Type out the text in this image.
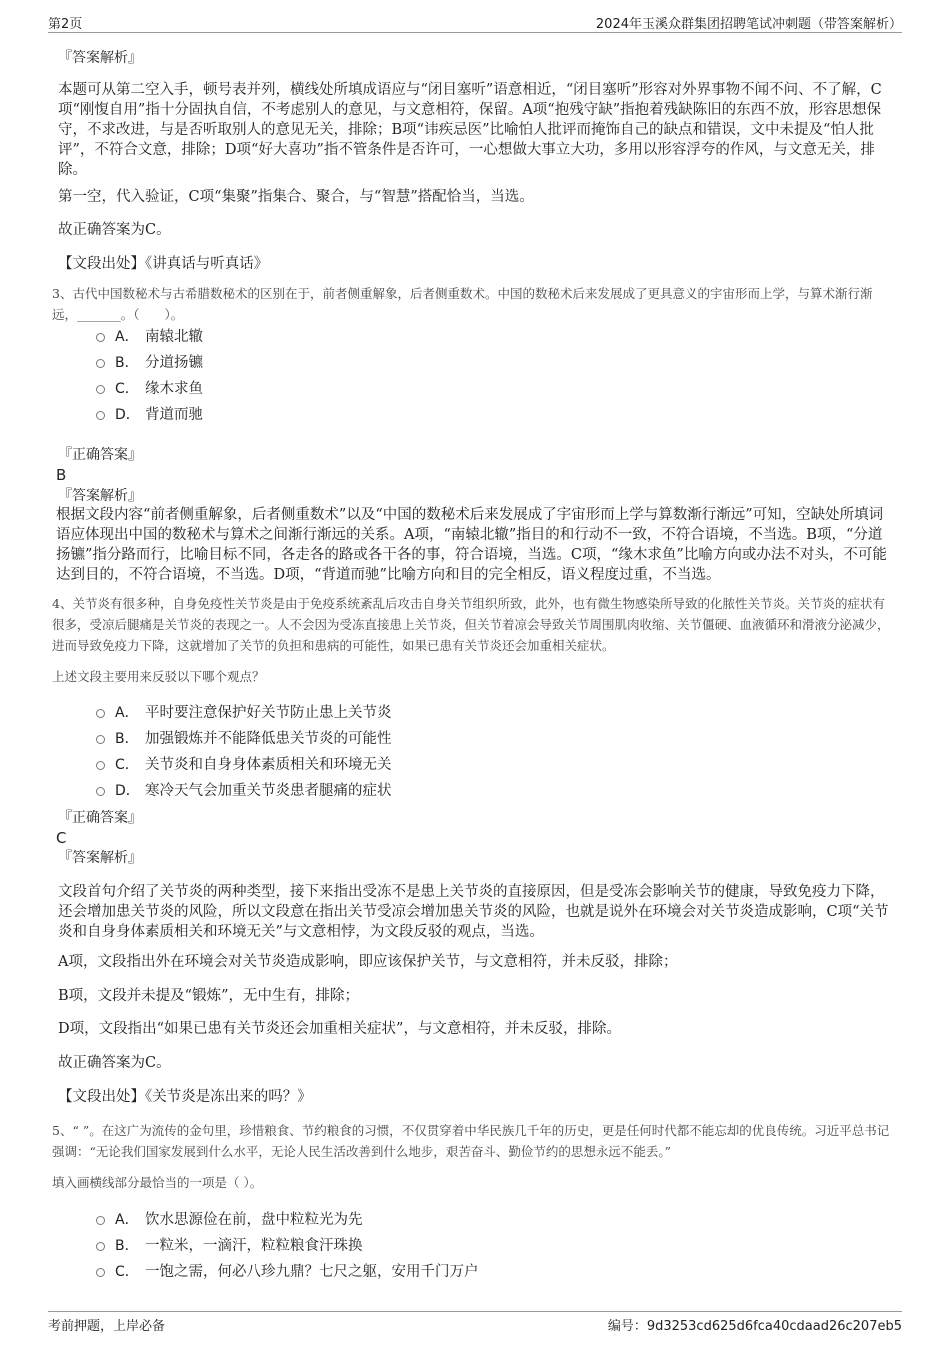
第2页	2024年玉溪众群集团招聘笔试冲刺题（带答案解析）
『答案解析』

本题可从第二空入手，顿号表并列，横线处所填成语应与“闭目塞听”语意相近，“闭目塞听”形容对外界事物不闻不问、不了解，C项“刚愎自用”指十分固执自信，不考虑别人的意见，与文意相符，保留。A项“抱残守缺”指抱着残缺陈旧的东西不放，形容思想保守，不求改进，与是否听取别人的意见无关，排除；B项“讳疾忌医”比喻怕人批评而掩饰自己的缺点和错误，文中未提及“怕人批评”，不符合文意，排除；D项“好大喜功”指不管条件是否许可，一心想做大事立大功，多用以形容浮夸的作风，与文意无关，排除。

第一空，代入验证，C项“集聚”指集合、聚合，与“智慧”搭配恰当，当选。

故正确答案为C。

【文段出处】《讲真话与听真话》

3、古代中国数秘术与古希腊数秘术的区别在于，前者侧重解象，后者侧重数术。中国的数秘术后来发展成了更具意义的宇宙形而上学，与算术渐行渐远，_______。（　　）。

A． 南辕北辙
B． 分道扬镳
C． 缘木求鱼
D． 背道而驰
『正确答案』
B
『答案解析』

根据文段内容“前者侧重解象，后者侧重数术”以及“中国的数秘术后来发展成了宇宙形而上学与算数渐行渐远”可知，空缺处所填词语应体现出中国的数秘术与算术之间渐行渐远的关系。A项，“南辕北辙”指目的和行动不一致，不符合语境，不当选。B项，“分道扬镳”指分路而行，比喻目标不同，各走各的路或各干各的事，符合语境，当选。C项，“缘木求鱼”比喻方向或办法不对头，不可能达到目的，不符合语境，不当选。D项，“背道而驰”比喻方向和目的完全相反，语义程度过重，不当选。

4、关节炎有很多种，自身免疫性关节炎是由于免疫系统紊乱后攻击自身关节组织所致，此外，也有微生物感染所导致的化脓性关节炎。关节炎的症状有很多，受凉后腿痛是关节炎的表现之一。人不会因为受冻直接患上关节炎，但关节着凉会导致关节周围肌肉收缩、关节僵硬、血液循环和滑液分泌减少，进而导致免疫力下降，这就增加了关节的负担和患病的可能性，如果已患有关节炎还会加重相关症状。

上述文段主要用来反驳以下哪个观点？

A． 平时要注意保护好关节防止患上关节炎
B． 加强锻炼并不能降低患关节炎的可能性
C． 关节炎和自身身体素质相关和环境无关
D． 寒冷天气会加重关节炎患者腿痛的症状
『正确答案』
C
『答案解析』

文段首句介绍了关节炎的两种类型，接下来指出受冻不是患上关节炎的直接原因，但是受冻会影响关节的健康，导致免疫力下降，还会增加患关节炎的风险，所以文段意在指出关节受凉会增加患关节炎的风险，也就是说外在环境会对关节炎造成影响，C项“关节炎和自身身体素质相关和环境无关”与文意相悖，为文段反驳的观点，当选。

A项，文段指出外在环境会对关节炎造成影响，即应该保护关节，与文意相符，并未反驳，排除；

B项，文段并未提及“锻炼”，无中生有，排除；

D项，文段指出“如果已患有关节炎还会加重相关症状”，与文意相符，并未反驳，排除。

故正确答案为C。

【文段出处】《关节炎是冻出来的吗？》

5、“ ”。在这广为流传的金句里，珍惜粮食、节约粮食的习惯，不仅贯穿着中华民族几千年的历史，更是任何时代都不能忘却的优良传统。习近平总书记强调：“无论我们国家发展到什么水平，无论人民生活改善到什么地步，艰苦奋斗、勤俭节约的思想永远不能丢。”

填入画横线部分最恰当的一项是（ ）。

A． 饮水思源俭在前，盘中粒粒光为先
B． 一粒米，一滴汗，粒粒粮食汗珠换
C． 一饱之需，何必八珍九鼎？七尺之躯，安用千门万户
考前押题，上岸必备	编号：9d3253cd625d6fca40cdaad26c207eb5
